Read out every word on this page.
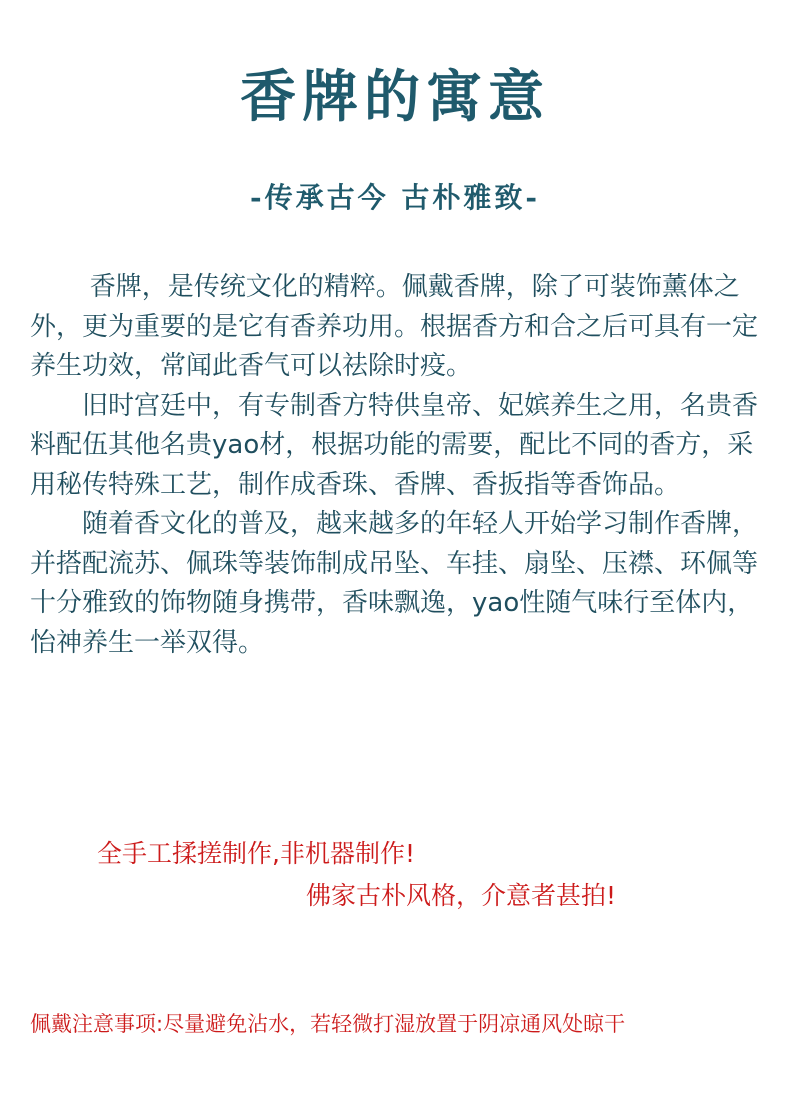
香牌的寓意
-传承古今 古朴雅致-

香牌，是传统文化的精粹。佩戴香牌，除了可装饰薰体之外，更为重要的是它有香养功用。根据香方和合之后可具有一定养生功效，常闻此香气可以祛除时疫。

旧时宫廷中，有专制香方特供皇帝、妃嫔养生之用，名贵香料配伍其他名贵yao材，根据功能的需要，配比不同的香方，采用秘传特殊工艺，制作成香珠、香牌、香扳指等香饰品。

随着香文化的普及，越来越多的年轻人开始学习制作香牌，并搭配流苏、佩珠等装饰制成吊坠、车挂、扇坠、压襟、环佩等十分雅致的饰物随身携带，香味飘逸，yao性随气味行至体内，怡神养生一举双得。

全手工揉搓制作,非机器制作!
佛家古朴风格，介意者甚拍!
佩戴注意事项:尽量避免沾水，若轻微打湿放置于阴凉通风处晾干
